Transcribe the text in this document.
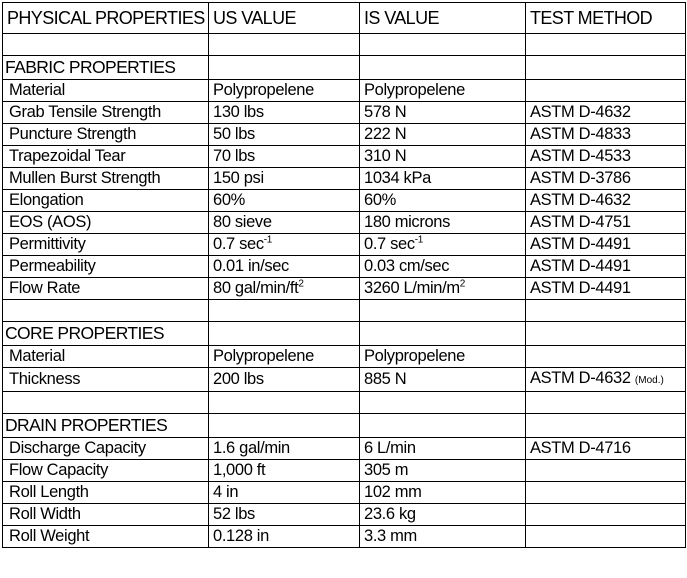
PHYSICAL PROPERTIES	US VALUE	IS VALUE	TEST METHOD

FABRIC PROPERTIES			
Material	Polypropelene	Polypropelene	
Grab Tensile Strength	130 lbs	578 N	ASTM D-4632
Puncture Strength	50 lbs	222 N	ASTM D-4833
Trapezoidal Tear	70 lbs	310 N	ASTM D-4533
Mullen Burst Strength	150 psi	1034 kPa	ASTM D-3786
Elongation	60%	60%	ASTM D-4632
EOS (AOS)	80 sieve	180 microns	ASTM D-4751
Permittivity	0.7 $\sec^{-1}$	0.7 $\sec^{-1}$	ASTM D-4491
Permeability	0.01 in/sec	0.03 cm/sec	ASTM D-4491
Flow Rate	80 gal/$\min/ft^2$	3260 $L/\min/m^2$	ASTM D-4491

CORE PROPERTIES			
Material	Polypropelene	Polypropelene	
Thickness	200 lbs	885 N	ASTM D-4632 (Mod.)

DRAIN PROPERTIES			
Discharge Capacity	1.6 gal/min	6 L/min	ASTM D-4716
Flow Capacity	1,000 ft	305 m	
Roll Length	4 in	102 mm	
Roll Width	52 lbs	23.6 kg	
Roll Weight	0.128 in	3.3 mm	
